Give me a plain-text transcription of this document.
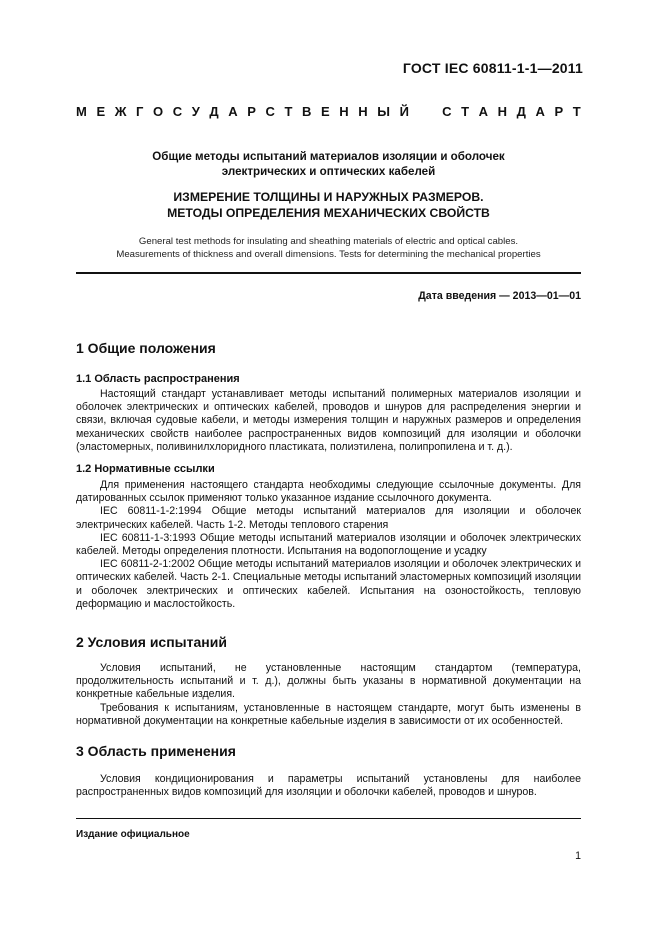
ГОСТ IEC 60811-1-1—2011
М Е Ж Г О С У Д А Р С Т В Е Н Н Ы Й	С Т А Н Д А Р Т
Общие методы испытаний материалов изоляции и оболочек
электрических и оптических кабелей
ИЗМЕРЕНИЕ ТОЛЩИНЫ И НАРУЖНЫХ РАЗМЕРОВ.
МЕТОДЫ ОПРЕДЕЛЕНИЯ МЕХАНИЧЕСКИХ СВОЙСТВ
General test methods for insulating and sheathing materials of electric and optical cables.
Measurements of thickness and overall dimensions. Tests for determining the mechanical properties
Дата введения — 2013—01—01
1 Общие положения
1.1 Область распространения

Настоящий стандарт устанавливает методы испытаний полимерных материалов изоляции и оболочек электрических и оптических кабелей, проводов и шнуров для распределения энергии и связи, включая судовые кабели, и методы измерения толщин и наружных размеров и определения механических свойств наиболее распространенных видов композиций для изоляции и оболочки (эластомерных, поливинилхлоридного пластиката, полиэтилена, полипропилена и т. д.).

1.2 Нормативные ссылки

Для применения настоящего стандарта необходимы следующие ссылочные документы. Для датированных ссылок применяют только указанное издание ссылочного документа.

IEC 60811-1-2:1994 Общие методы испытаний материалов для изоляции и оболочек электрических кабелей. Часть 1-2. Методы теплового старения

IEC 60811-1-3:1993 Общие методы испытаний материалов изоляции и оболочек электрических кабелей. Методы определения плотности. Испытания на водопоглощение и усадку

IEC 60811-2-1:2002 Общие методы испытаний материалов изоляции и оболочек электрических и оптических кабелей. Часть 2-1. Специальные методы испытаний эластомерных композиций изоляции и оболочек электрических и оптических кабелей. Испытания на озоностойкость, тепловую деформацию и маслостойкость.

2 Условия испытаний

Условия испытаний, не установленные настоящим стандартом (температура, продолжительность испытаний и т. д.), должны быть указаны в нормативной документации на конкретные кабельные изделия.

Требования к испытаниям, установленные в настоящем стандарте, могут быть изменены в нормативной документации на конкретные кабельные изделия в зависимости от их особенностей.

3 Область применения

Условия кондиционирования и параметры испытаний установлены для наиболее распространенных видов композиций для изоляции и оболочки кабелей, проводов и шнуров.

Издание официальное
1
